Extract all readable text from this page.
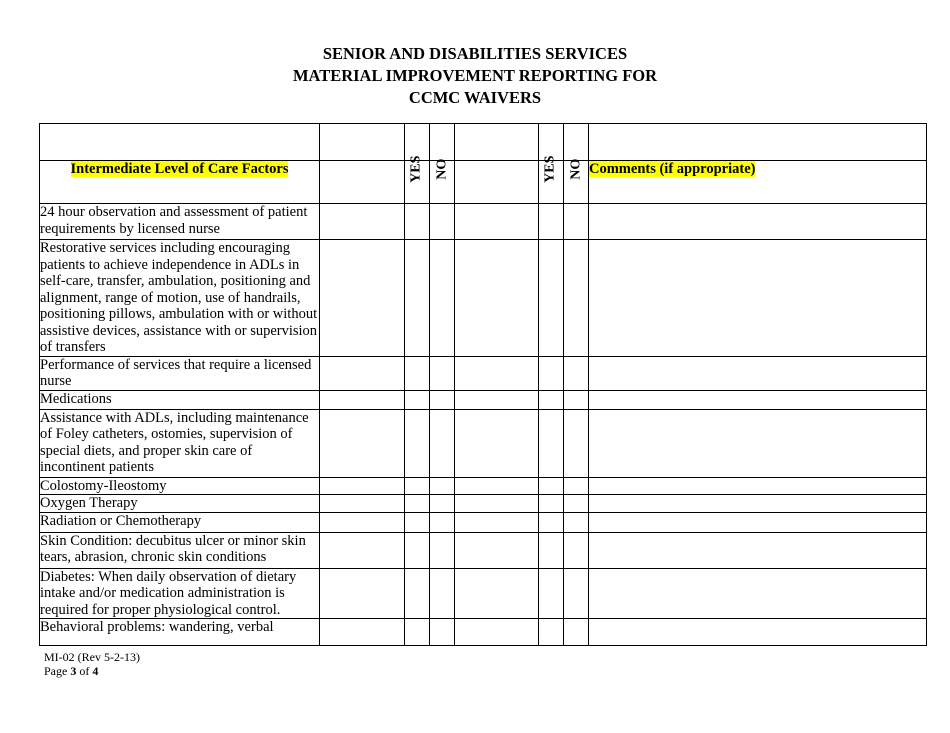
SENIOR AND DISABILITIES SERVICES
MATERIAL IMPROVEMENT REPORTING FOR
CCMC WAIVERS

Intermediate Level of Care Factors		YES	NO		YES	NO	Comments (if appropriate)
24 hour observation and assessment of patient requirements by licensed nurse							
Restorative services including encouraging patients to achieve independence in ADLs in self-care, transfer, ambulation, positioning and alignment, range of motion, use of handrails, positioning pillows, ambulation with or without assistive devices, assistance with or supervision of transfers							
Performance of services that require a licensed nurse							
Medications							
Assistance with ADLs, including maintenance of Foley catheters, ostomies, supervision of special diets, and proper skin care of incontinent patients							
Colostomy-Ileostomy							
Oxygen Therapy							
Radiation or Chemotherapy							
Skin Condition: decubitus ulcer or minor skin tears, abrasion, chronic skin conditions							
Diabetes: When daily observation of dietary intake and/or medication administration is required for proper physiological control.							
Behavioral problems: wandering, verbal							
MI-02 (Rev 5-2-13)
Page 3 of 4
